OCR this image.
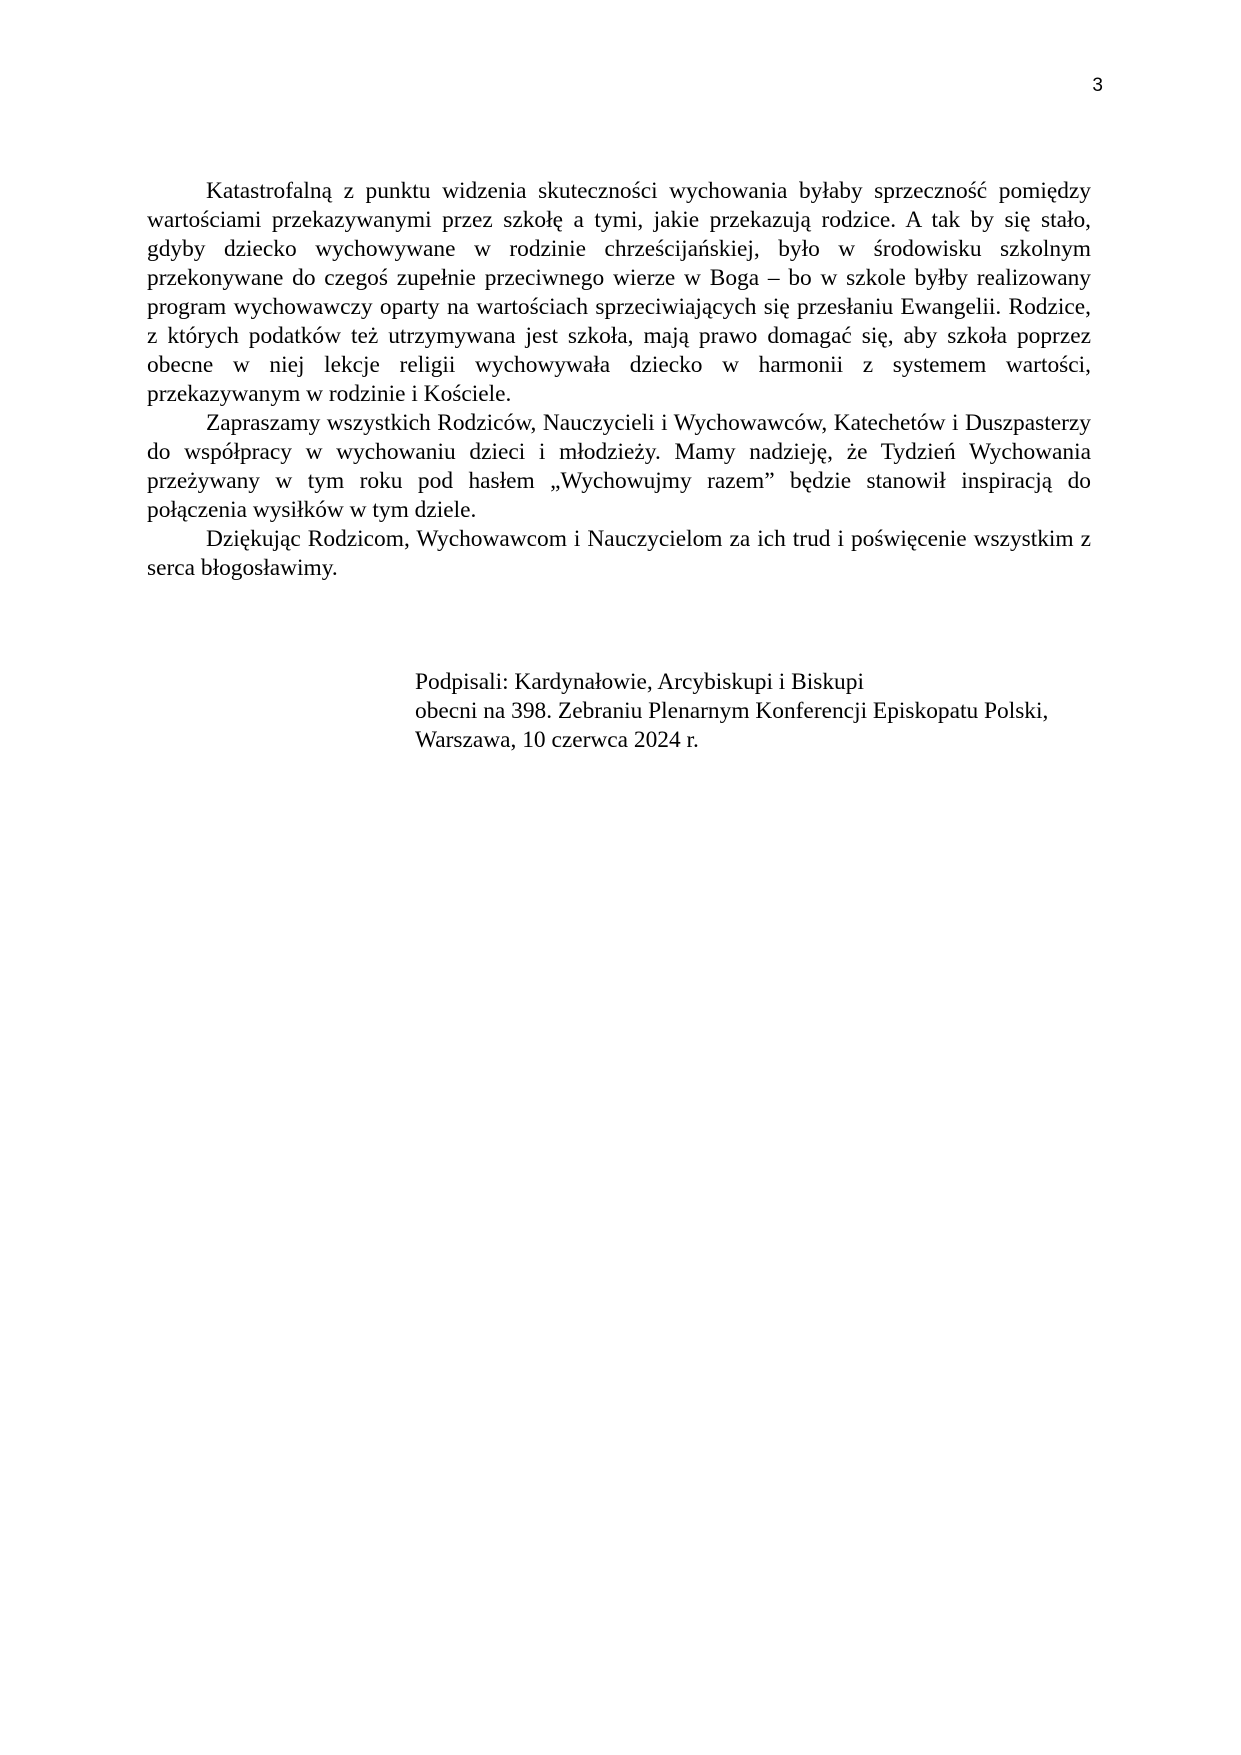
3

Katastrofalną z punktu widzenia skuteczności wychowania byłaby sprzeczność pomiędzy wartościami przekazywanymi przez szkołę a tymi, jakie przekazują rodzice. A tak by się stało, gdyby dziecko wychowywane w rodzinie chrześcijańskiej, było w środowisku szkolnym przekonywane do czegoś zupełnie przeciwnego wierze w Boga – bo w szkole byłby realizowany program wychowawczy oparty na wartościach sprzeciwiających się przesłaniu Ewangelii. Rodzice, z których podatków też utrzymywana jest szkoła, mają prawo domagać się, aby szkoła poprzez obecne w niej lekcje religii wychowywała dziecko w harmonii z systemem wartości, przekazywanym w rodzinie i Kościele.

Zapraszamy wszystkich Rodziców, Nauczycieli i Wychowawców, Katechetów i Duszpasterzy do współpracy w wychowaniu dzieci i młodzieży. Mamy nadzieję, że Tydzień Wychowania przeżywany w tym roku pod hasłem „Wychowujmy razem” będzie stanowił inspiracją do połączenia wysiłków w tym dziele.

Dziękując Rodzicom, Wychowawcom i Nauczycielom za ich trud i poświęcenie wszystkim z serca błogosławimy.

Podpisali: Kardynałowie, Arcybiskupi i Biskupi
obecni na 398. Zebraniu Plenarnym Konferencji Episkopatu Polski,
Warszawa, 10 czerwca 2024 r.
